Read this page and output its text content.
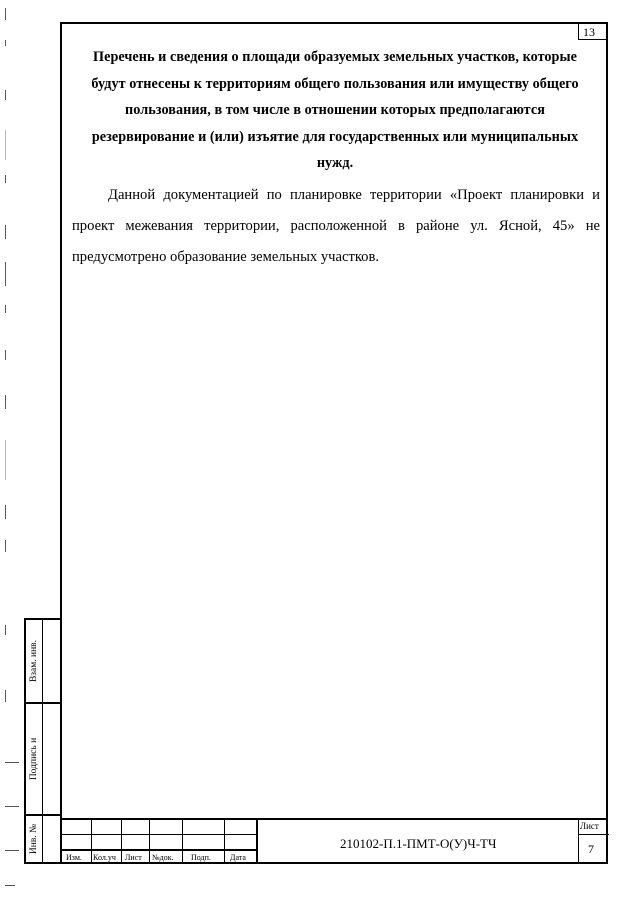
13
Перечень и сведения о площади образуемых земельных участков, которые будут отнесены к территориям общего пользования или имуществу общего пользования, в том числе в отношении которых предполагаются резервирование и (или) изъятие для государственных или муниципальных нужд.
Данной документацией по планировке территории «Проект планировки и проект межевания территории, расположенной в районе ул. Ясной, 45» не предусмотрено образование земельных участков.
Взам. инв.
Подпись и
Инв. №
Изм. Кол.уч Лист №док. Подп. Дата
210102-П.1-ПМТ-О(У)Ч-ТЧ
Лист
7
